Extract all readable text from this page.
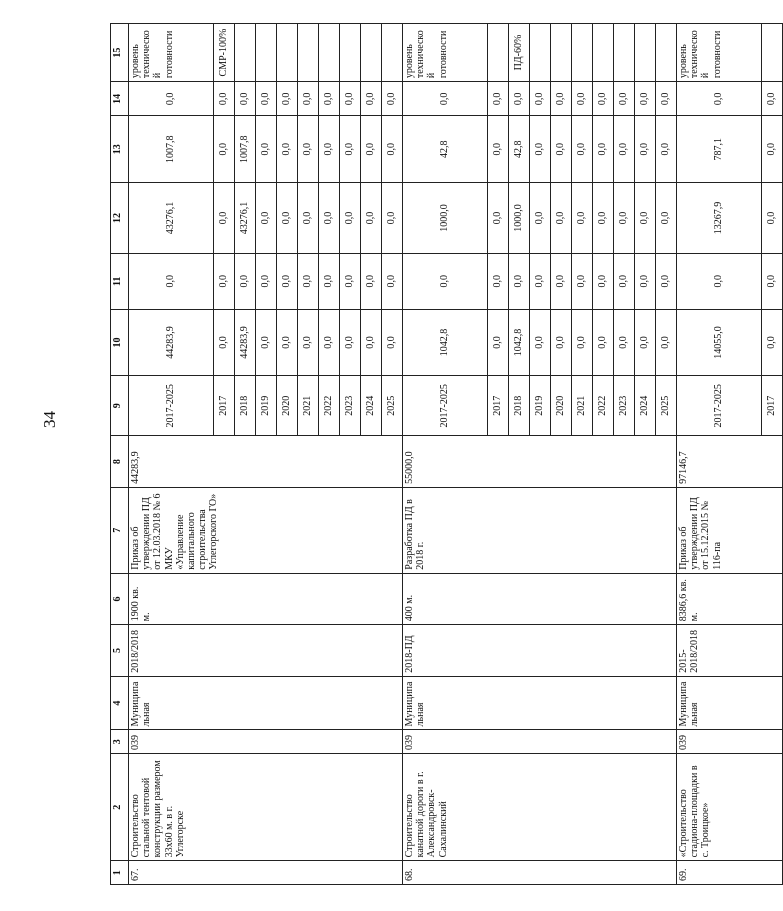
34
1	2	3	4	5	6	7	8	9	10	11	12	13	14	15
67.	Строительство стальной тентовой конструкции размером 33х60 м. в г. Углегорске	039	Муниципальная	2018/2018	1900 кв. м.	Приказ об утверждении ПД от 12.03.2018 № 6 МКУ «Управление капитального строительства Углегорского ГО»	44283,9	2017-2025	44283,9	0,0	43276,1	1007,8	0,0	уровень технической готовности
								2017	0,0	0,0	0,0	0,0	0,0	СМР-100%
								2018	44283,9	0,0	43276,1	1007,8	0,0	
								2019	0,0	0,0	0,0	0,0	0,0	
								2020	0,0	0,0	0,0	0,0	0,0	
								2021	0,0	0,0	0,0	0,0	0,0	
								2022	0,0	0,0	0,0	0,0	0,0	
								2023	0,0	0,0	0,0	0,0	0,0	
								2024	0,0	0,0	0,0	0,0	0,0	
								2025	0,0	0,0	0,0	0,0	0,0	
68.	Строительство канатной дороги в г. Александровск-Сахалинский	039	Муниципальная	2018-ПД	400 м.	Разработка ПД в 2018 г.	55000,0	2017-2025	1042,8	0,0	1000,0	42,8	0,0	уровень технической готовности
								2017	0,0	0,0	0,0	0,0	0,0	
								2018	1042,8	0,0	1000,0	42,8	0,0	ПД-60%
								2019	0,0	0,0	0,0	0,0	0,0	
								2020	0,0	0,0	0,0	0,0	0,0	
								2021	0,0	0,0	0,0	0,0	0,0	
								2022	0,0	0,0	0,0	0,0	0,0	
								2023	0,0	0,0	0,0	0,0	0,0	
								2024	0,0	0,0	0,0	0,0	0,0	
								2025	0,0	0,0	0,0	0,0	0,0	
69.	«Строительство стадиона-площадки в с. Троицкое»	039	Муниципальная	2015-2018/2018	8386,6 кв. м.	Приказ об утверждении ПД от 15.12.2015 № 116-па	97146,7	2017-2025	14055,0	0,0	13267,9	787,1	0,0	уровень технической готовности
								2017	0,0	0,0	0,0	0,0	0,0	
